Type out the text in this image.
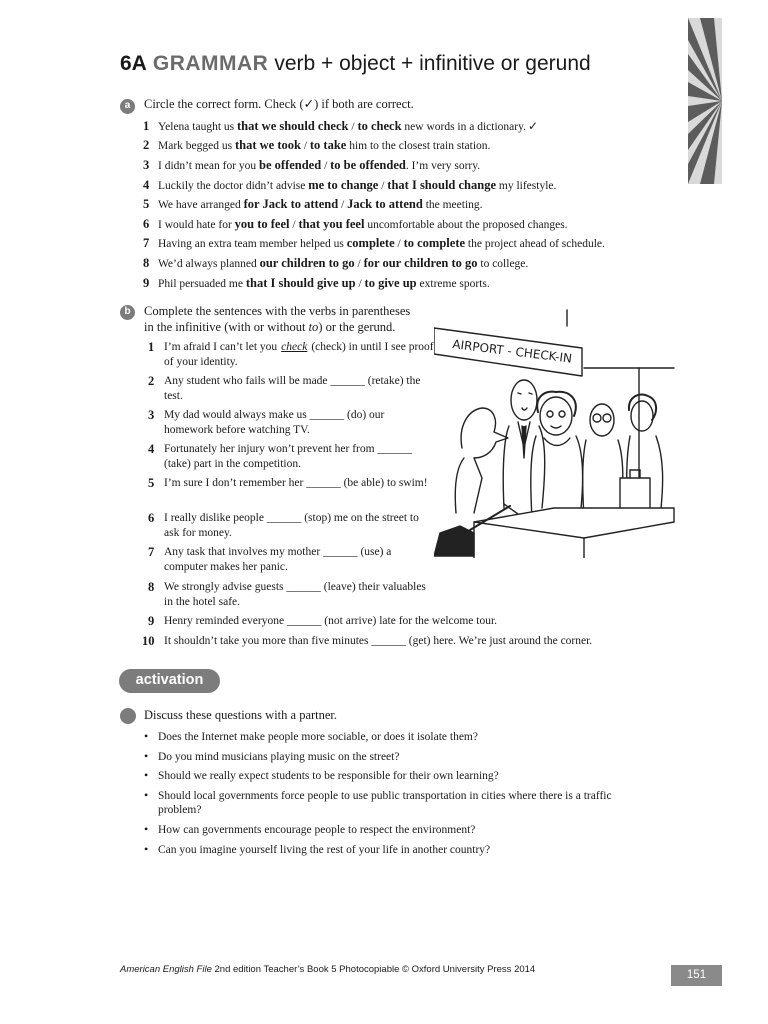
6A GRAMMAR verb + object + infinitive or gerund
a	Circle the correct form. Check (✓) if both are correct.
1 Yelena taught us that we should check / to check new words in a dictionary. ✓
2 Mark begged us that we took / to take him to the closest train station.
3 I didn’t mean for you be offended / to be offended. I’m very sorry.
4 Luckily the doctor didn’t advise me to change / that I should change my lifestyle.
5 We have arranged for Jack to attend / Jack to attend the meeting.
6 I would hate for you to feel / that you feel uncomfortable about the proposed changes.
7 Having an extra team member helped us complete / to complete the project ahead of schedule.
8 We’d always planned our children to go / for our children to go to college.
9 Phil persuaded me that I should give up / to give up extreme sports.
b	Complete the sentences with the verbs in parentheses
in the infinitive (with or without to) or the gerund.
1 I’m afraid I can’t let you check (check) in until I see proof of your identity.
2 Any student who fails will be made ______ (retake) the test.
3 My dad would always make us ______ (do) our homework before watching TV.
4 Fortunately her injury won’t prevent her from ______ (take) part in the competition.
5 I’m sure I don’t remember her ______ (be able) to swim!
6 I really dislike people ______ (stop) me on the street to ask for money.
7 Any task that involves my mother ______ (use) a computer makes her panic.
8 We strongly advise guests ______ (leave) their valuables in the hotel safe.
9 Henry reminded everyone ______ (not arrive) late for the welcome tour.
10 It shouldn’t take you more than five minutes ______ (get) here. We’re just around the corner.
AIRPORT - CHECK-IN
activation
Discuss these questions with a partner.
• Does the Internet make people more sociable, or does it isolate them?
• Do you mind musicians playing music on the street?
• Should we really expect students to be responsible for their own learning?
• Should local governments force people to use public transportation in cities where there is a traffic problem?
• How can governments encourage people to respect the environment?
• Can you imagine yourself living the rest of your life in another country?
American English File 2nd edition Teacher’s Book 5 Photocopiable © Oxford University Press 2014	151
